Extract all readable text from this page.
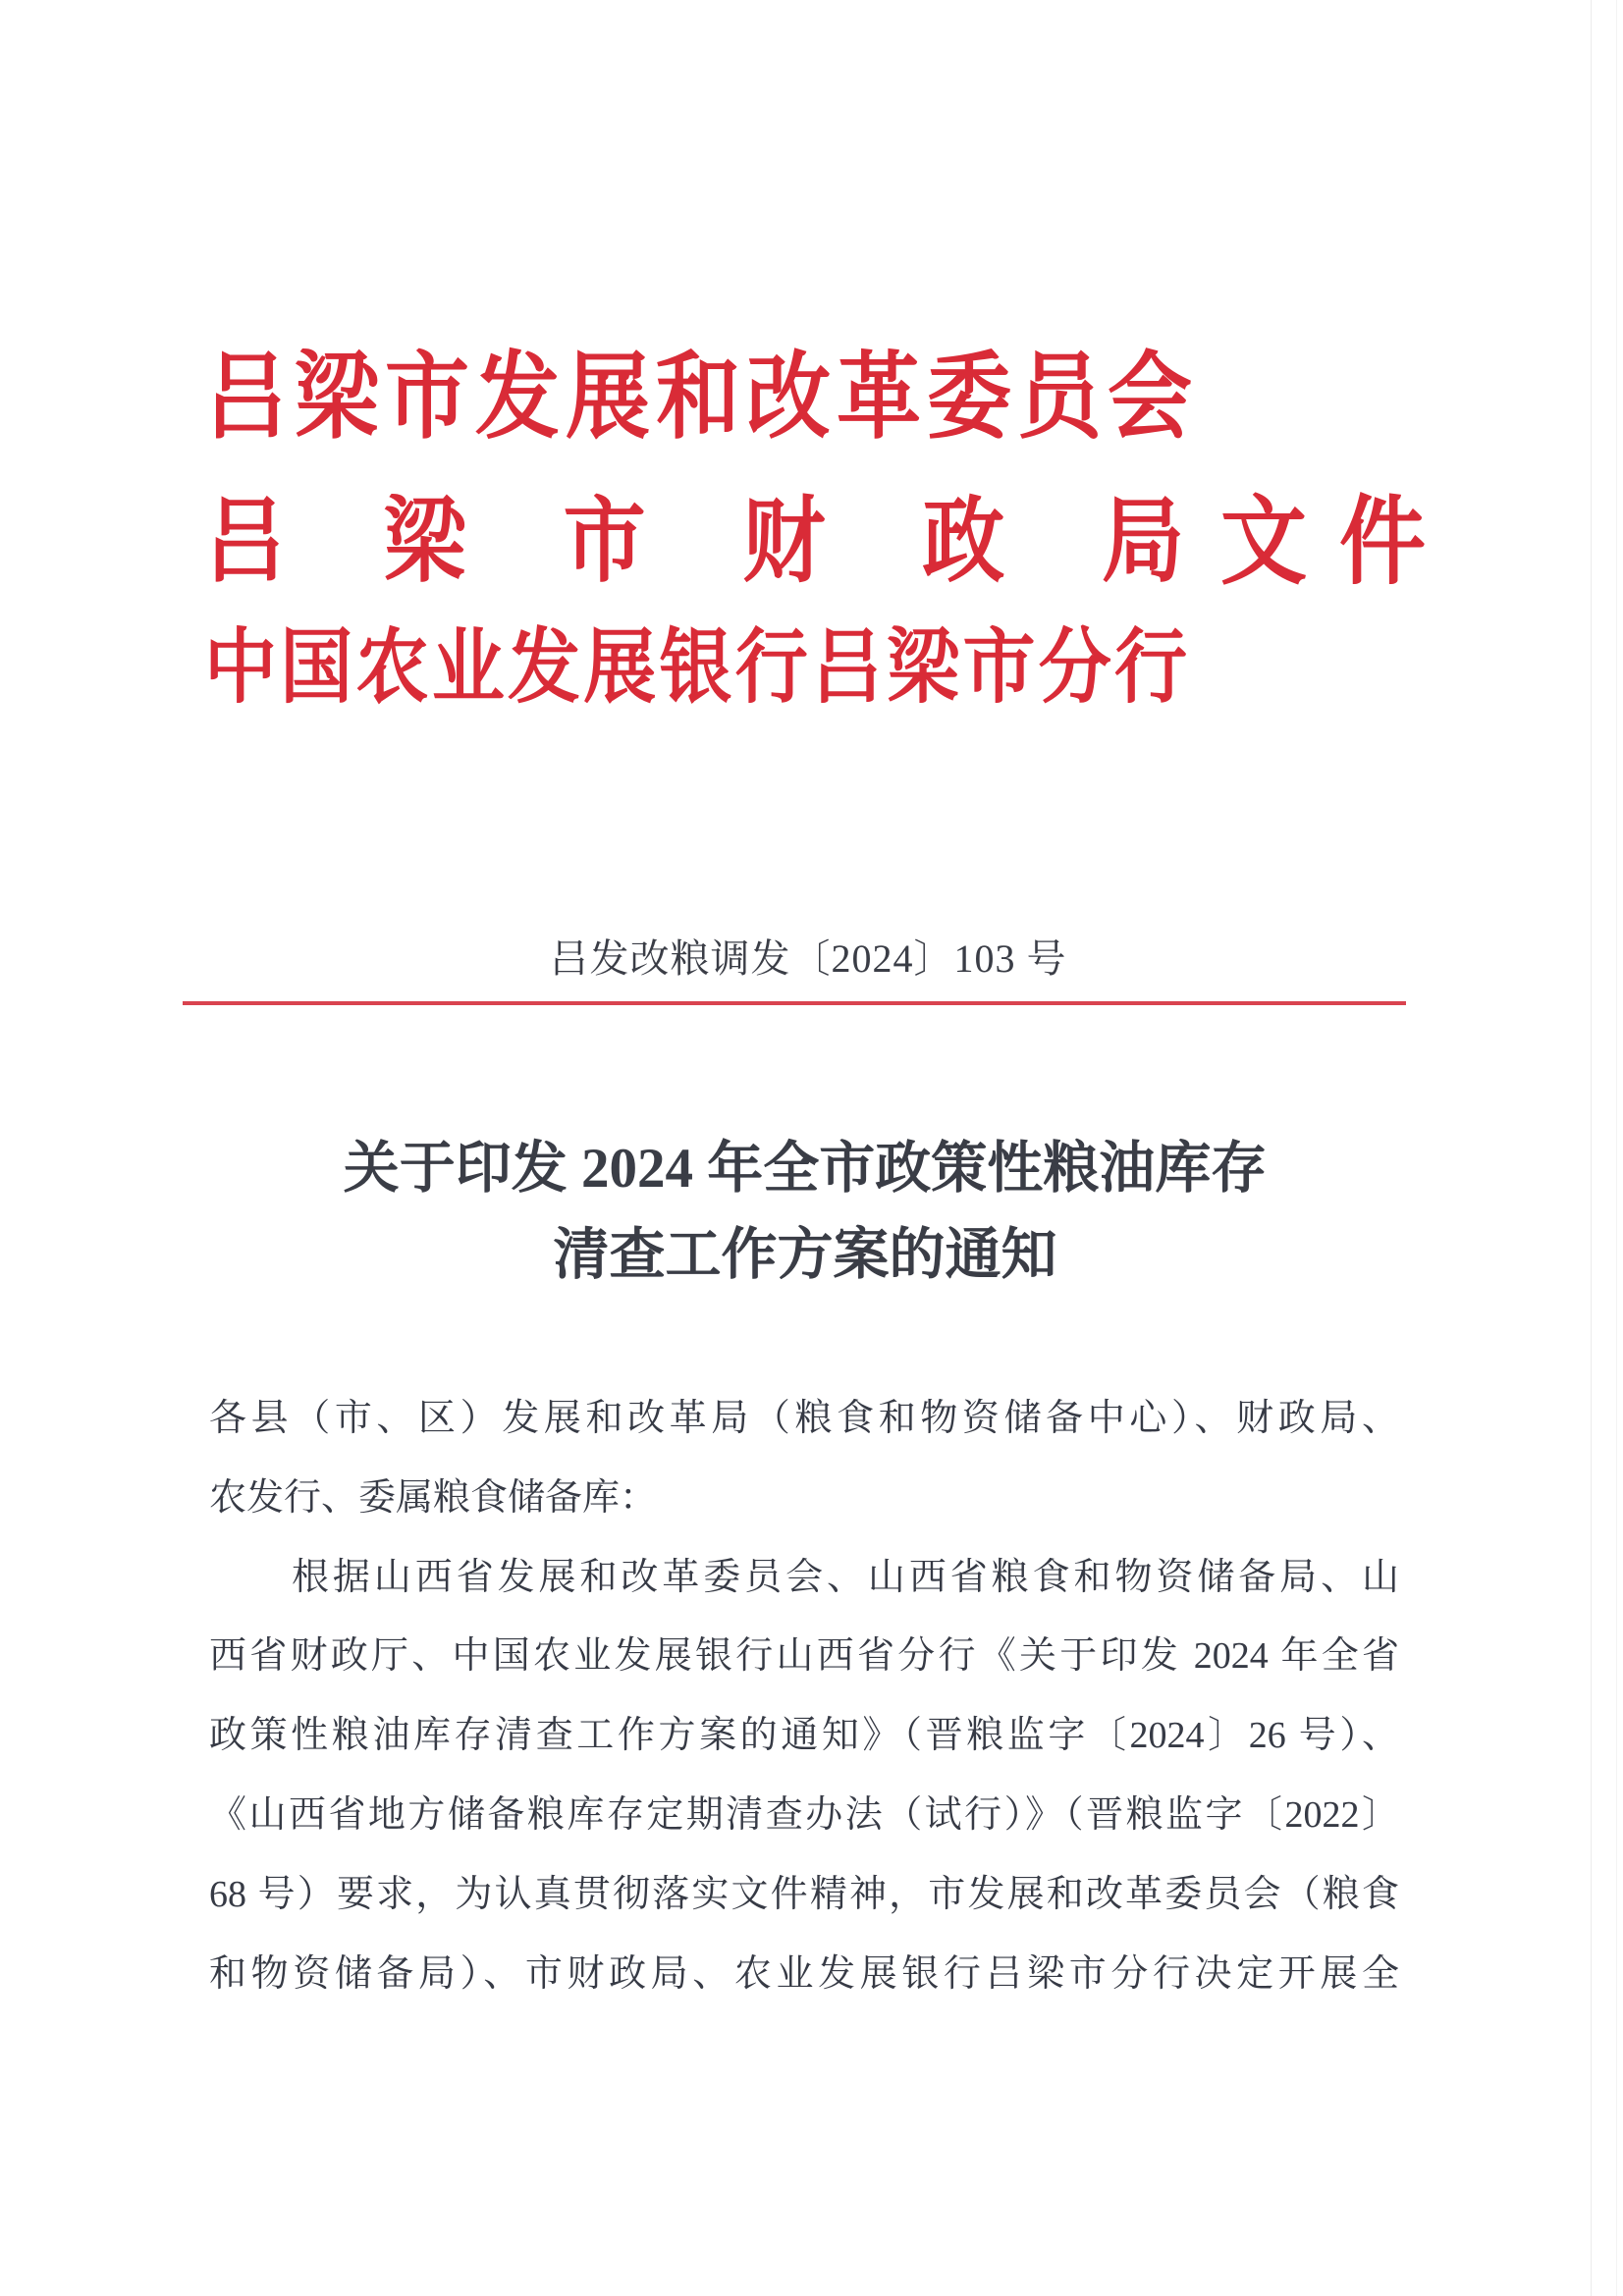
吕梁市发展和改革委员会
吕梁市财政局 文件
中国农业发展银行吕梁市分行
吕发改粮调发〔2024〕103 号
关于印发 2024 年全市政策性粮油库存
清查工作方案的通知
各县（市、区）发展和改革局（粮食和物资储备中心）、财政局、
农发行、委属粮食储备库：
根据山西省发展和改革委员会、山西省粮食和物资储备局、山
西省财政厅、中国农业发展银行山西省分行《关于印发 2024 年全省
政策性粮油库存清查工作方案的通知》（晋粮监字〔2024〕26 号）、
《山西省地方储备粮库存定期清查办法（试行）》（晋粮监字〔2022〕
68 号）要求，为认真贯彻落实文件精神，市发展和改革委员会（粮食
和物资储备局）、市财政局、农业发展银行吕梁市分行决定开展全
